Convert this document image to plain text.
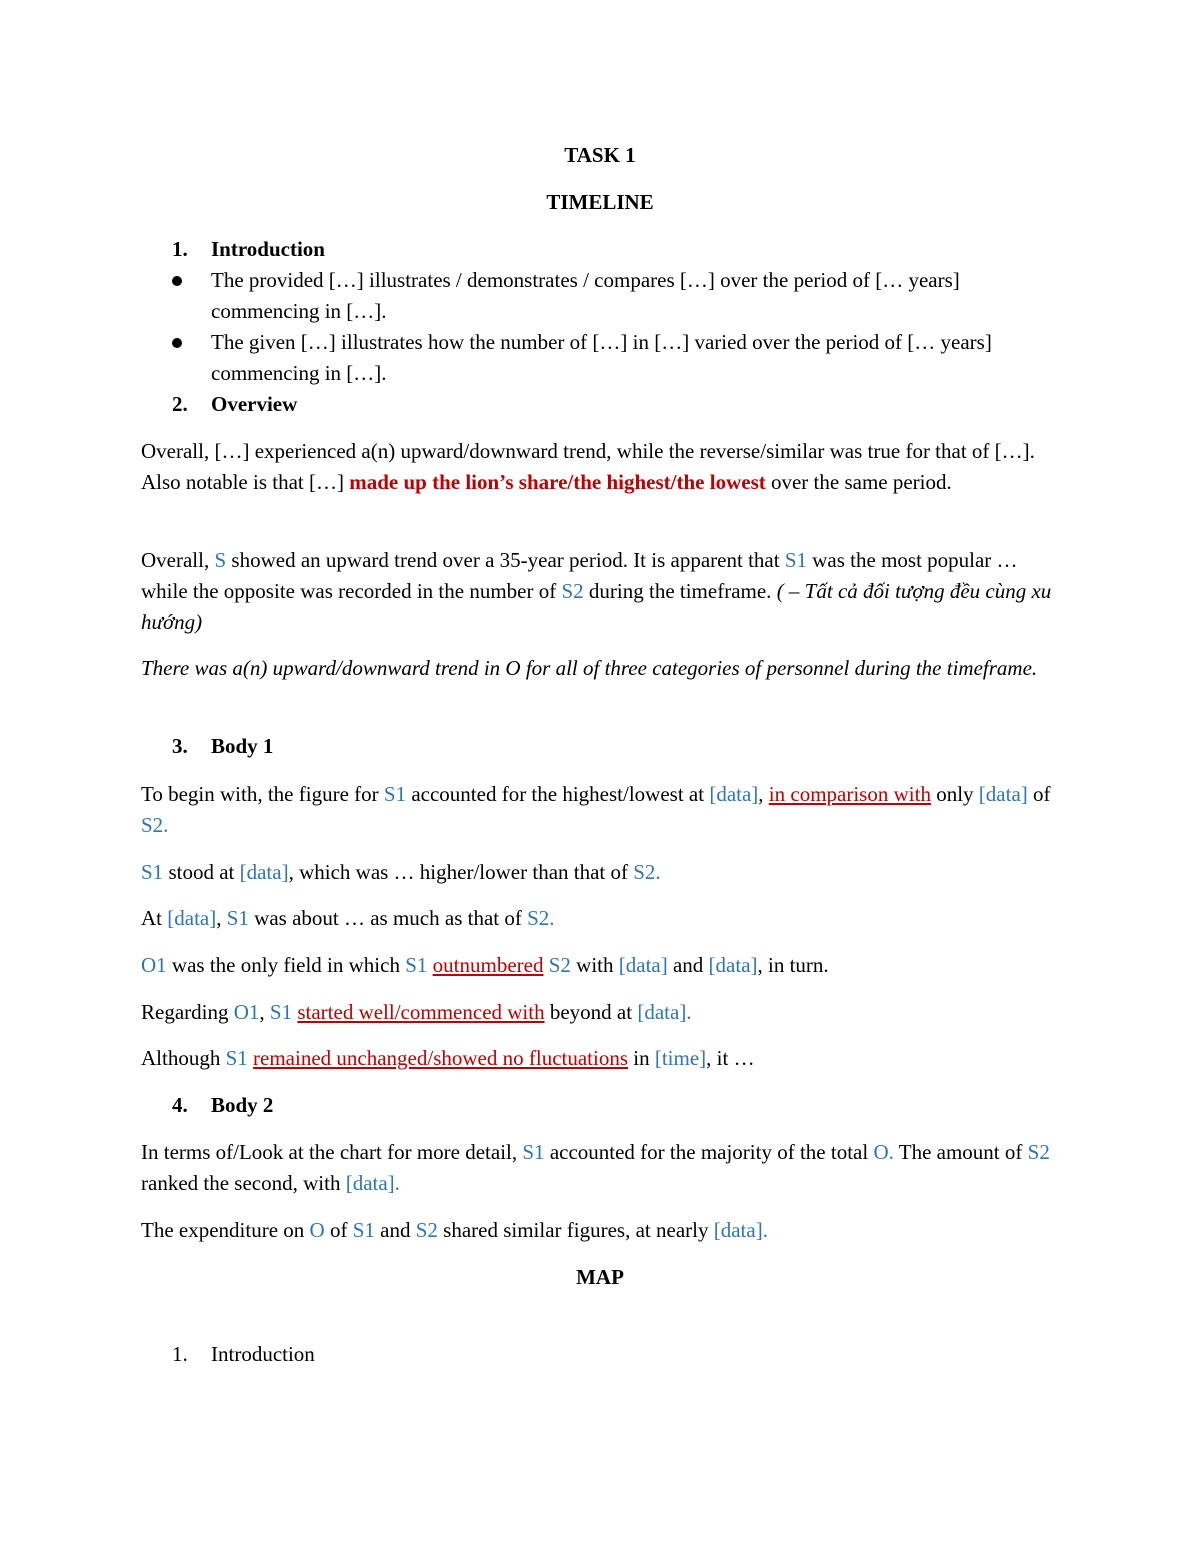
TASK 1

TIMELINE

1. Introduction

The provided […] illustrates / demonstrates / compares […] over the period of [… years] commencing in […].

The given […] illustrates how the number of […] in […] varied over the period of [… years] commencing in […].

2. Overview

Overall, […] experienced a(n) upward/downward trend, while the reverse/similar was true for that of […]. Also notable is that […] made up the lion’s share/the highest/the lowest over the same period.

Overall, S showed an upward trend over a 35-year period. It is apparent that S1 was the most popular … while the opposite was recorded in the number of S2 during the timeframe. ( – Tất cả đối tượng đều cùng xu hướng)

There was a(n) upward/downward trend in O for all of three categories of personnel during the timeframe.

3. Body 1

To begin with, the figure for S1 accounted for the highest/lowest at [data], in comparison with only [data] of S2.

S1 stood at [data], which was … higher/lower than that of S2.

At [data], S1 was about … as much as that of S2.

O1 was the only field in which S1 outnumbered S2 with [data] and [data], in turn.

Regarding O1, S1 started well/commenced with beyond at [data].

Although S1 remained unchanged/showed no fluctuations in [time], it …

4. Body 2

In terms of/Look at the chart for more detail, S1 accounted for the majority of the total O. The amount of S2 ranked the second, with [data].

The expenditure on O of S1 and S2 shared similar figures, at nearly [data].

MAP

1. Introduction
